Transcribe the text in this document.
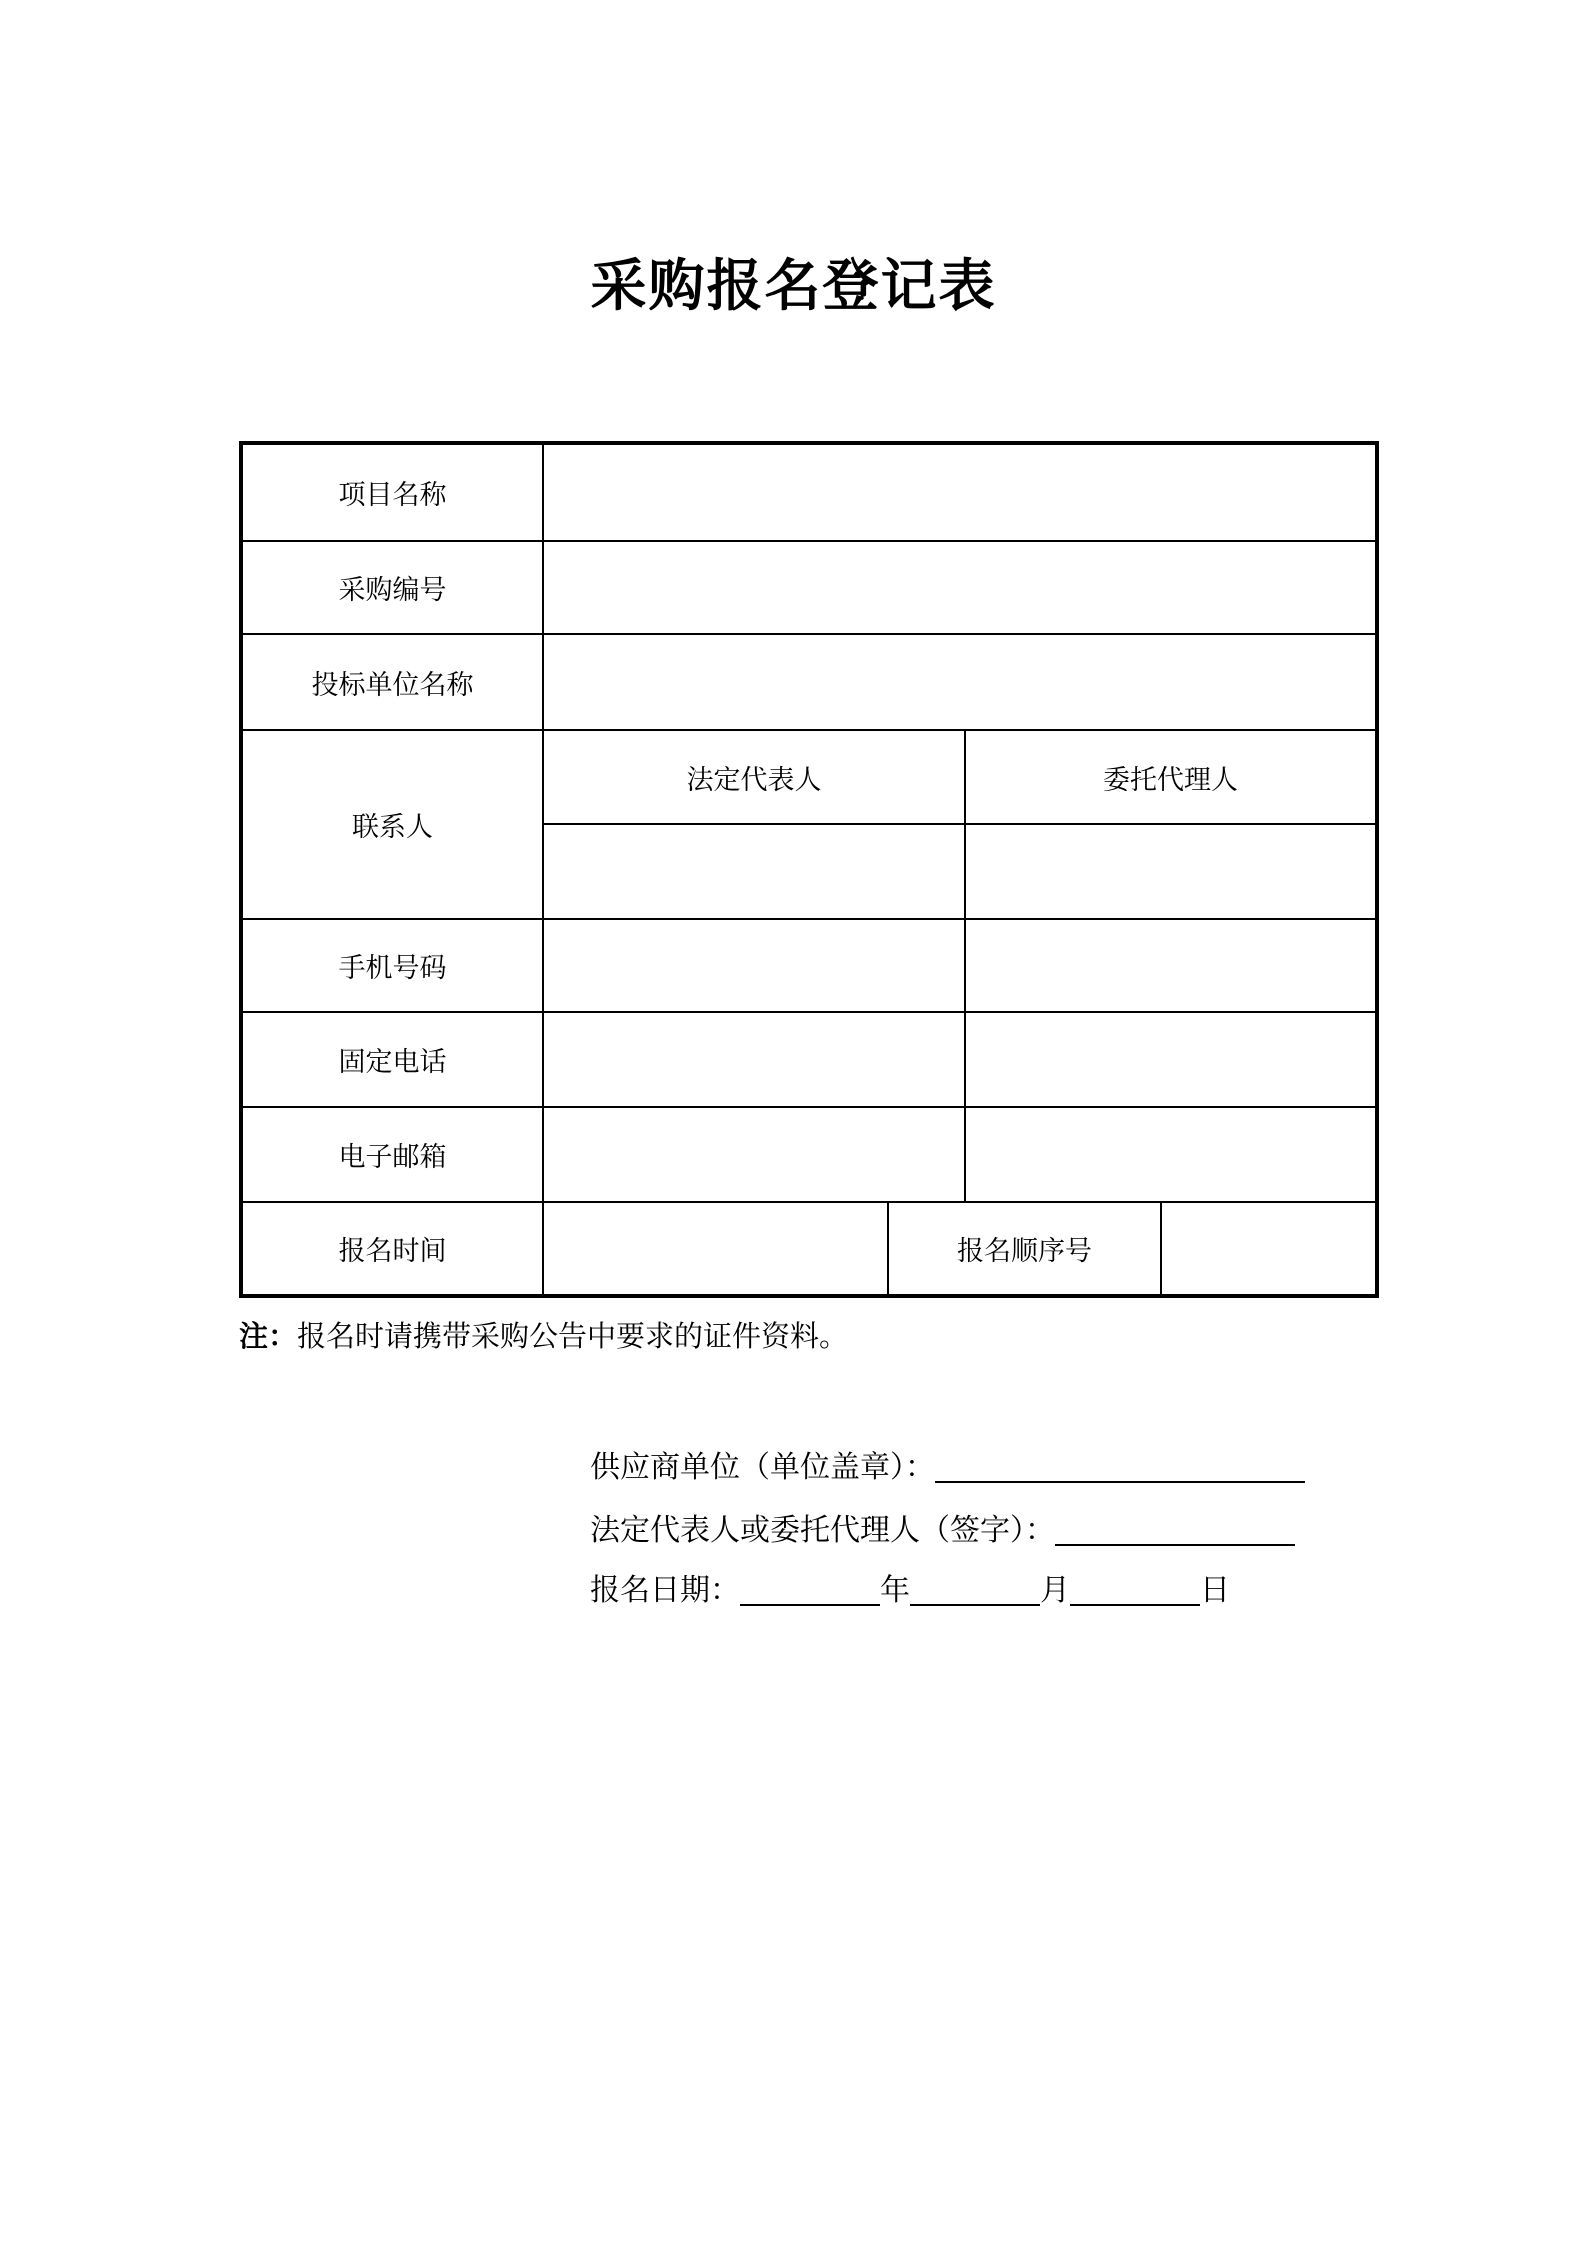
采购报名登记表
项目名称				
采购编号				
投标单位名称				
联系人	法定代表人		委托代理人	

手机号码				
固定电话				
电子邮箱				
报名时间		报名顺序号		
注：报名时请携带采购公告中要求的证件资料。
供应商单位（单位盖章）：
法定代表人或委托代理人（签字）：
报名日期：	年	月	日
